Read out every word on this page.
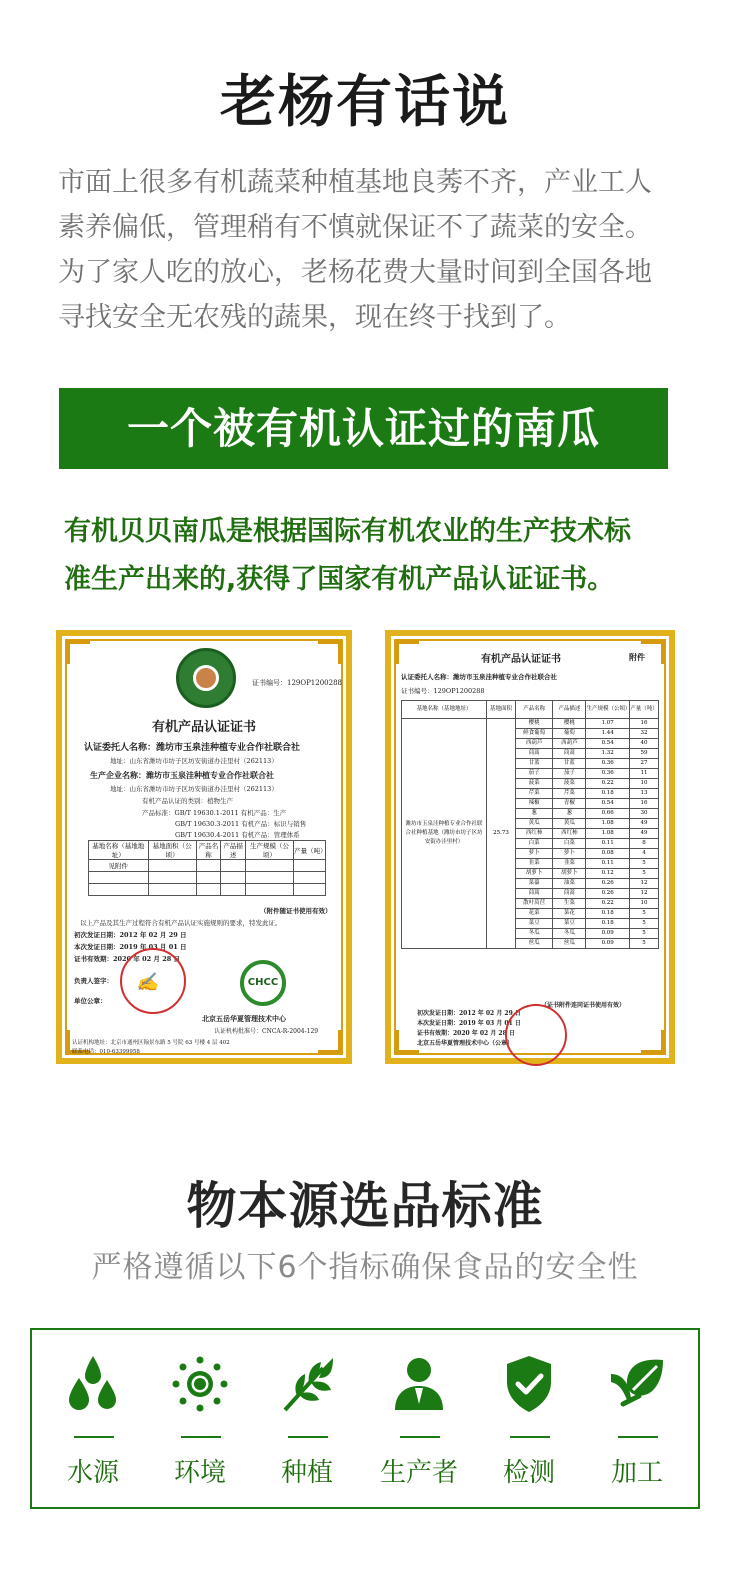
老杨有话说
市面上很多有机蔬菜种植基地良莠不齐，产业工人
素养偏低，管理稍有不慎就保证不了蔬菜的安全。
为了家人吃的放心，老杨花费大量时间到全国各地
寻找安全无农残的蔬果，现在终于找到了。
一个被有机认证过的南瓜
有机贝贝南瓜是根据国际有机农业的生产技术标
准生产出来的,获得了国家有机产品认证证书。
证书编号：129OP1200288
有机产品认证证书
认证委托人名称：潍坊市玉泉洼种植专业合作社联合社
地址：山东省潍坊市坊子区坊安街道办洼里村（262113）
生产企业名称：潍坊市玉泉洼种植专业合作社联合社
地址：山东省潍坊市坊子区坊安街道办洼里村（262113）
有机产品认证的类别：植物生产
产品标准：GB/T 19630.1-2011 有机产品：生产
GB/T 19630.3-2011 有机产品：标识与销售
GB/T 19630.4-2011 有机产品：管理体系
基地名称（基地地址）	基地面积（公顷）	产品名称	产品描述	生产规模（公顷）	产量（吨）
见附件					

（附件随证书使用有效）
以上产品及其生产过程符合有机产品认证实施规则的要求，特发此证。
初次发证日期：2012 年 02 月 29 日
本次发证日期：2019 年 03 月 01 日
证书有效期：2020 年 02 月 28 日
负责人签字：
单位公章：
✍	CHCC
北京五岳华夏管理技术中心
认证机构批准号：CNCA-R-2004-129
认证机构地址：北京市通州区翰景东路 5 号院 63 号楼 4 层 402
联系电话：010-63399958
有机产品认证证书	附件
认证委托人名称：潍坊市玉泉洼种植专业合作社联合社
证书编号：129OP1200288
基地名称（基地地址）	基地面积	产品名称	产品描述	生产规模（公顷）	产量（吨）
潍坊市玉泉洼种植专业合作社联合社种植基地（潍坊市坊子区坊安街办洼里村）	25.73	樱桃	樱桃	1.07	16
		鲜食葡萄	葡萄	1.44	32
		西葫芦	西葫芦	0.54	40
		茼蒿	茼蒿	1.32	59
		甘蓝	甘蓝	0.36	27
		茄子	茄子	0.36	11
		菠菜	菠菜	0.22	10
		芹菜	芹菜	0.18	13
		辣椒	青椒	0.54	16
		葱	葱	0.66	30
		黄瓜	黄瓜	1.08	49
		西红柿	西红柿	1.08	49
		白菜	白菜	0.11	8
		萝卜	萝卜	0.08	4
		韭菜	韭菜	0.11	5
		胡萝卜	胡萝卜	0.12	5
		菜薹	油菜	0.26	12
		茼蒿	茼蒿	0.26	12
		散叶莴苣	生菜	0.22	10
		花菜	菜花	0.18	5
		菜豆	菜豆	0.18	5
		冬瓜	冬瓜	0.09	5
		丝瓜	丝瓜	0.09	5
（证书附件连同证书使用有效）
初次发证日期：2012 年 02 月 29 日
本次发证日期：2019 年 03 月 01 日
证书有效期：2020 年 02 月 28 日
北京五岳华夏管理技术中心（公章）
物本源选品标准
严格遵循以下6个指标确保食品的安全性
水源	环境	种植	生产者	检测	加工
